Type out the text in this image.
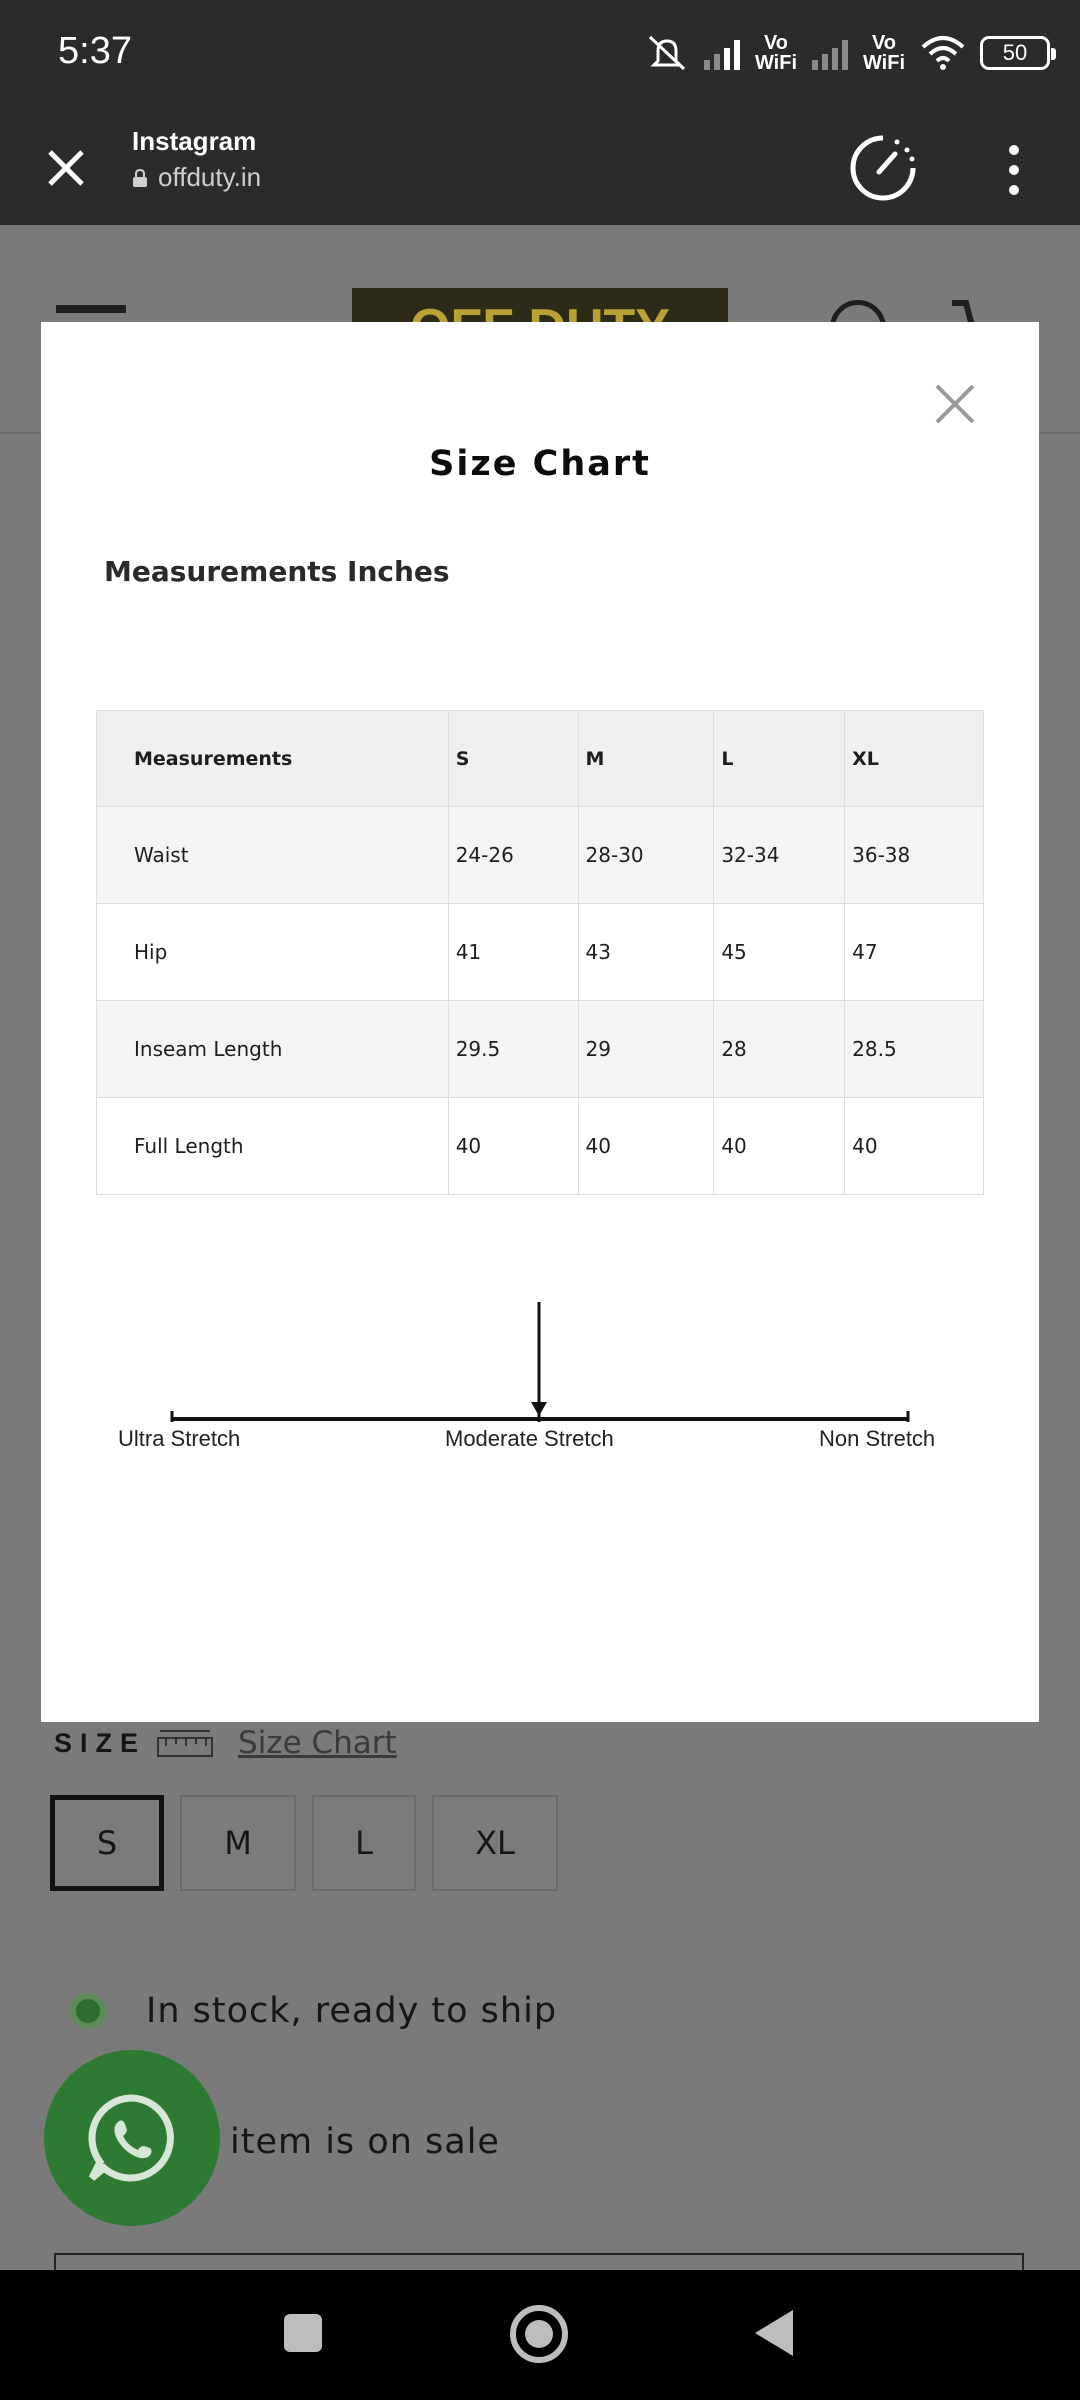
5:37	Vo WiFi
Vo WiFi	50
Instagram
offduty.in
SIZE	Size Chart
S	M	L	XL
In stock, ready to ship
item is on sale
Size Chart
Measurements Inches
Measurements	S	M	L	XL
Waist	24-26	28-30	32-34	36-38
Hip	41	43	45	47
Inseam Length	29.5	29	28	28.5
Full Length	40	40	40	40
Ultra Stretch	Moderate Stretch	Non Stretch
